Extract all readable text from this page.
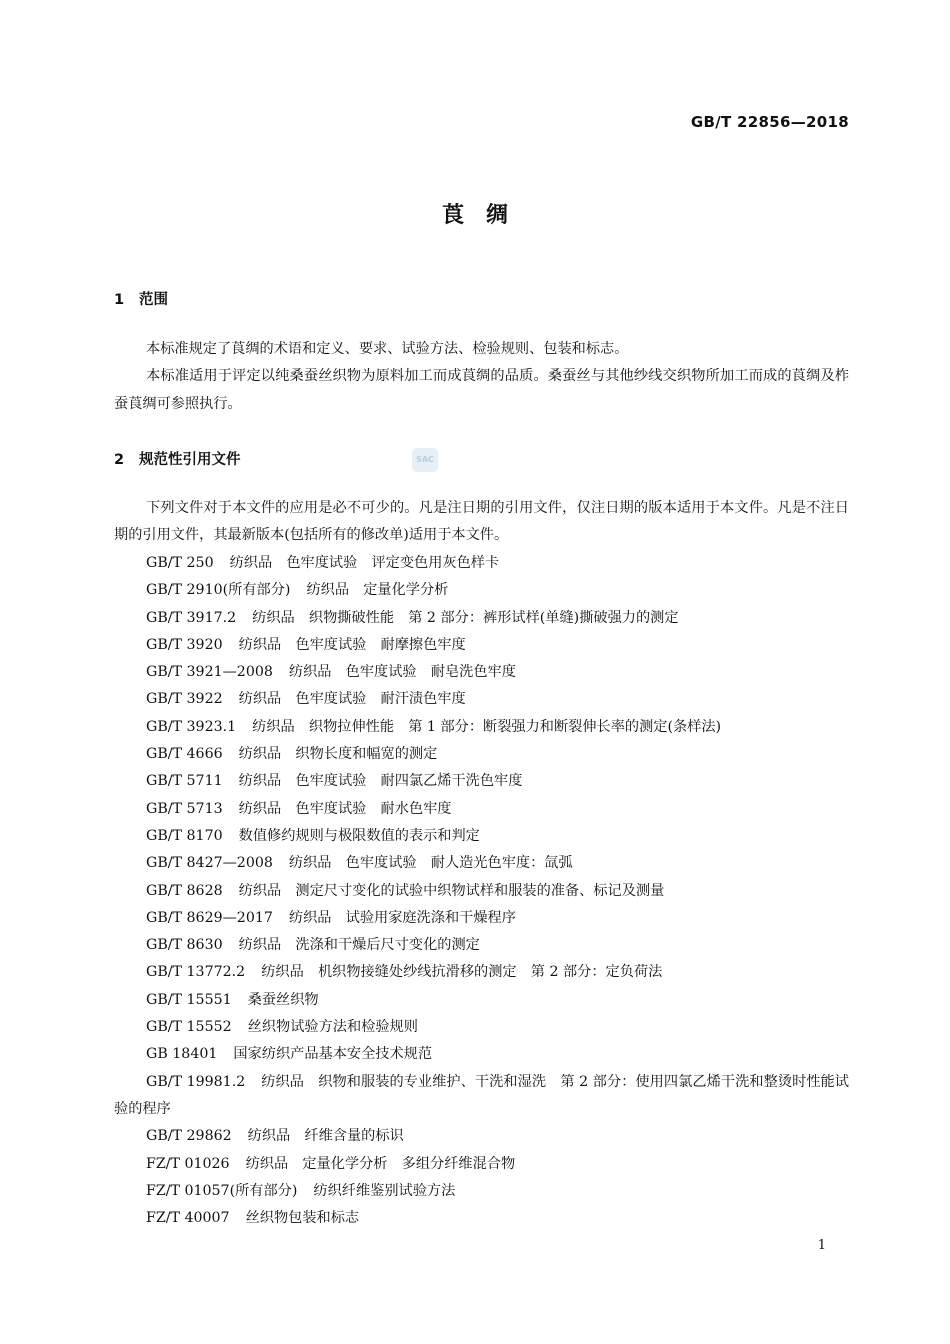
GB/T 22856—2018
莨　绸
1 范围

本标准规定了莨绸的术语和定义、要求、试验方法、检验规则、包装和标志。

本标准适用于评定以纯桑蚕丝织物为原料加工而成莨绸的品质。桑蚕丝与其他纱线交织物所加工而成的莨绸及柞蚕莨绸可参照执行。

2 规范性引用文件	SAC

下列文件对于本文件的应用是必不可少的。凡是注日期的引用文件，仅注日期的版本适用于本文件。凡是不注日期的引用文件，其最新版本(包括所有的修改单)适用于本文件。

GB/T 250 纺织品　色牢度试验　评定变色用灰色样卡
GB/T 2910(所有部分) 纺织品　定量化学分析
GB/T 3917.2 纺织品　织物撕破性能　第 2 部分：裤形试样(单缝)撕破强力的测定
GB/T 3920 纺织品　色牢度试验　耐摩擦色牢度
GB/T 3921—2008 纺织品　色牢度试验　耐皂洗色牢度
GB/T 3922 纺织品　色牢度试验　耐汗渍色牢度
GB/T 3923.1 纺织品　织物拉伸性能　第 1 部分：断裂强力和断裂伸长率的测定(条样法)
GB/T 4666 纺织品　织物长度和幅宽的测定
GB/T 5711 纺织品　色牢度试验　耐四氯乙烯干洗色牢度
GB/T 5713 纺织品　色牢度试验　耐水色牢度
GB/T 8170 数值修约规则与极限数值的表示和判定
GB/T 8427—2008 纺织品　色牢度试验　耐人造光色牢度：氙弧
GB/T 8628 纺织品　测定尺寸变化的试验中织物试样和服装的准备、标记及测量
GB/T 8629—2017 纺织品　试验用家庭洗涤和干燥程序
GB/T 8630 纺织品　洗涤和干燥后尺寸变化的测定
GB/T 13772.2 纺织品　机织物接缝处纱线抗滑移的测定　第 2 部分：定负荷法
GB/T 15551 桑蚕丝织物
GB/T 15552 丝织物试验方法和检验规则
GB 18401 国家纺织产品基本安全技术规范
GB/T 19981.2 纺织品　织物和服装的专业维护、干洗和湿洗　第 2 部分：使用四氯乙烯干洗和整烫时性能试验的程序
GB/T 29862 纺织品　纤维含量的标识
FZ/T 01026 纺织品　定量化学分析　多组分纤维混合物
FZ/T 01057(所有部分) 纺织纤维鉴别试验方法
FZ/T 40007 丝织物包装和标志
1
